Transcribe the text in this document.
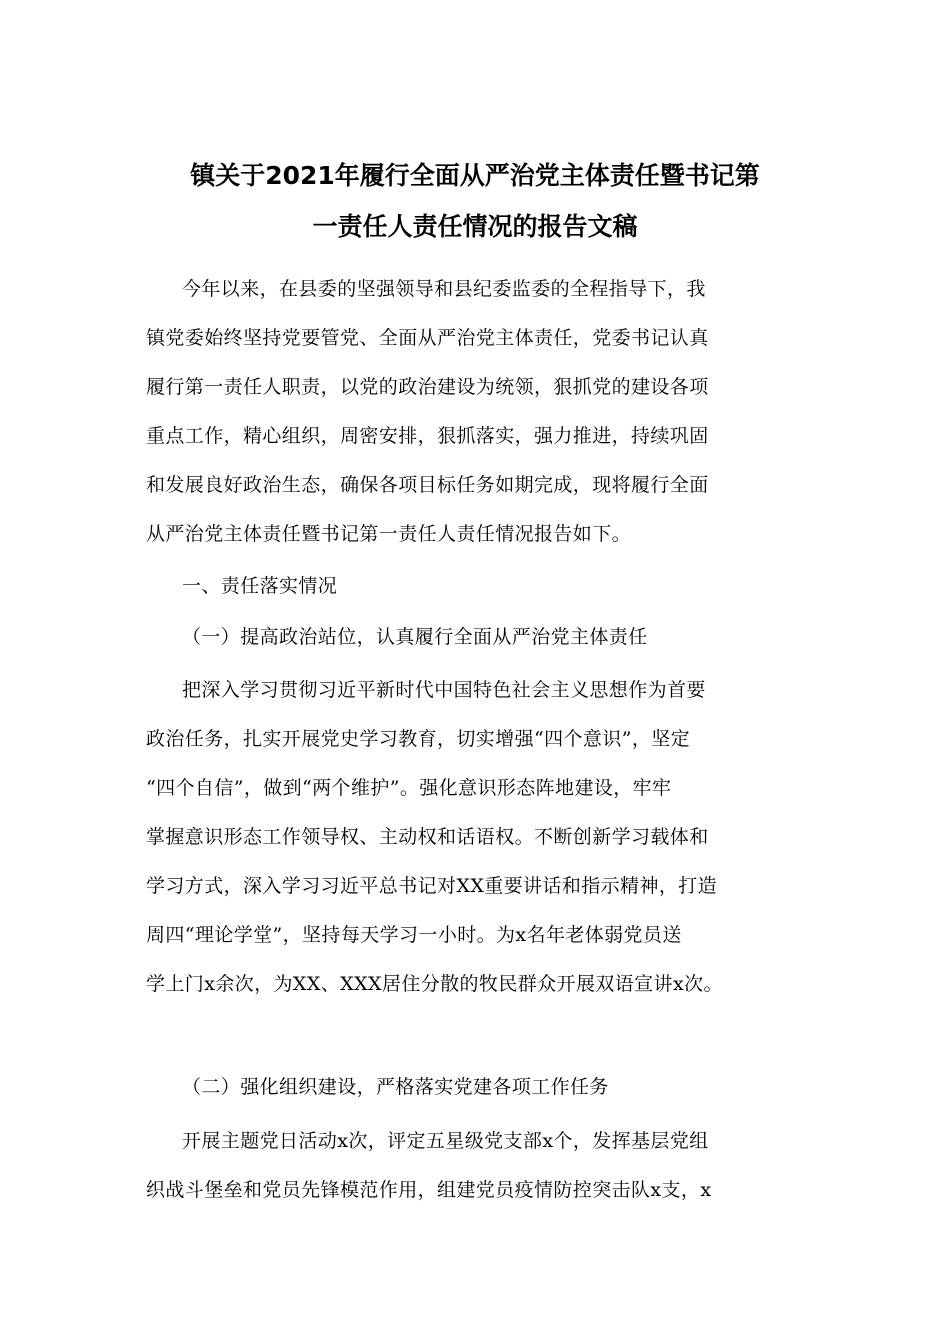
镇关于2021年履行全面从严治党主体责任暨书记第
一责任人责任情况的报告文稿
今年以来，在县委的坚强领导和县纪委监委的全程指导下，我
镇党委始终坚持党要管党、全面从严治党主体责任，党委书记认真
履行第一责任人职责，以党的政治建设为统领，狠抓党的建设各项
重点工作，精心组织，周密安排，狠抓落实，强力推进，持续巩固
和发展良好政治生态，确保各项目标任务如期完成，现将履行全面
从严治党主体责任暨书记第一责任人责任情况报告如下。
一、责任落实情况
（一）提高政治站位，认真履行全面从严治党主体责任
把深入学习贯彻习近平新时代中国特色社会主义思想作为首要
政治任务，扎实开展党史学习教育，切实增强“四个意识”，坚定
“四个自信”，做到“两个维护”。强化意识形态阵地建设，牢牢
掌握意识形态工作领导权、主动权和话语权。不断创新学习载体和
学习方式，深入学习习近平总书记对XX重要讲话和指示精神，打造
周四“理论学堂”，坚持每天学习一小时。为x名年老体弱党员送
学上门x余次，为XX、XXX居住分散的牧民群众开展双语宣讲x次。
（二）强化组织建设，严格落实党建各项工作任务
开展主题党日活动x次，评定五星级党支部x个，发挥基层党组
织战斗堡垒和党员先锋模范作用，组建党员疫情防控突击队x支，x
